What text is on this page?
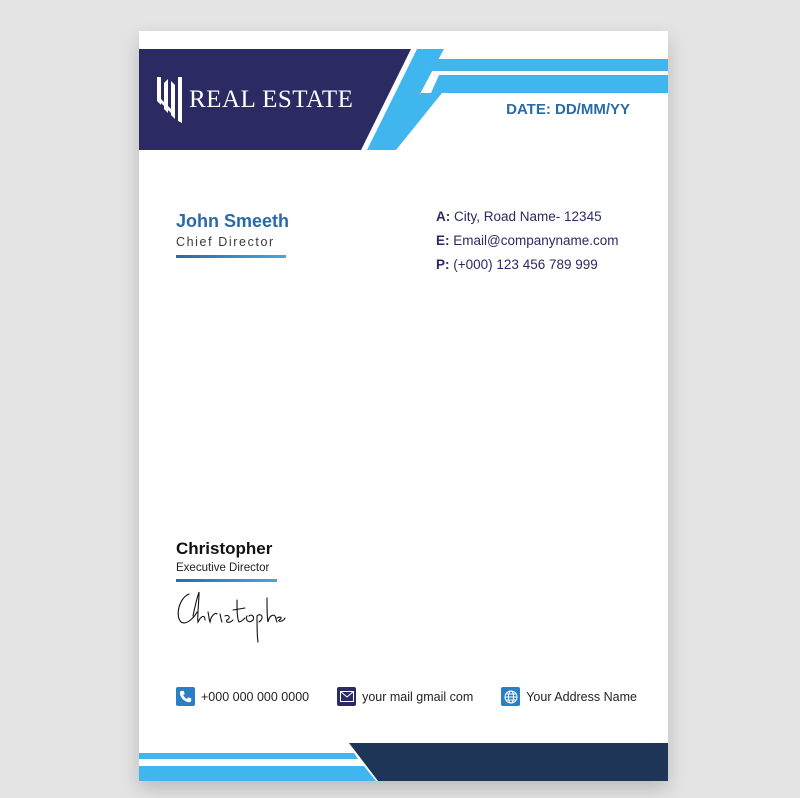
REAL ESTATE	DATE: DD/MM/YY
John Smeeth
Chief Director
A: City, Road Name- 12345
E: Email@companyname.com
P: (+000) 123 456 789 999
Christopher
Executive Director
+000 000 000 0000	your mail gmail com	Your Address Name
